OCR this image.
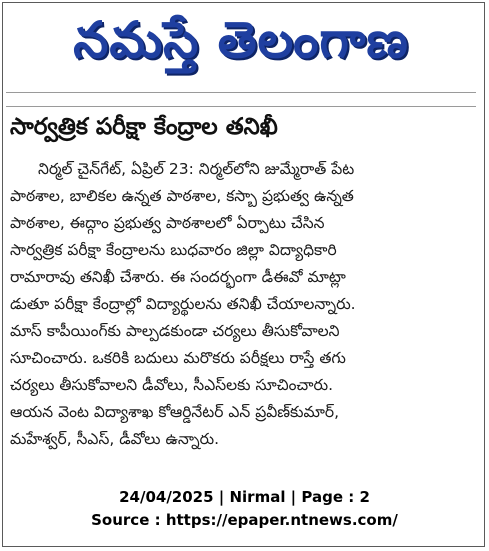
నమస్తే తెలంగాణ
సార్వత్రిక పరీక్షా కేంద్రాల తనిఖీ
నిర్మల్ చైన్‌గేట్, ఏప్రిల్ 23: నిర్మల్‌లోని జుమ్మేరాత్ పేట
పాఠశాల, బాలికల ఉన్నత పాఠశాల, కస్బా ప్రభుత్వ ఉన్నత
పాఠశాల, ఈద్గాం ప్రభుత్వ పాఠశాలలో ఏర్పాటు చేసిన
సార్వత్రిక పరీక్షా కేంద్రాలను బుధవారం జిల్లా విద్యాధికారి
రామారావు తనిఖీ చేశారు. ఈ సందర్భంగా డీఈవో మాట్లా
డుతూ పరీక్షా కేంద్రాల్లో విద్యార్థులను తనిఖీ చేయాలన్నారు.
మాస్ కాపీయింగ్‌కు పాల్పడకుండా చర్యలు తీసుకోవాలని
సూచించారు. ఒకరికి బదులు మరొకరు పరీక్షలు రాస్తే తగు
చర్యలు తీసుకోవాలని డీవోలు, సీఎస్‌లకు సూచించారు.
ఆయన వెంట విద్యాశాఖ కోఆర్డినేటర్ ఎన్ ప్రవీణ్‌కుమార్,
మహేశ్వర్, సీఎస్, డీవోలు ఉన్నారు.
24/04/2025 | Nirmal | Page : 2
Source : https://epaper.ntnews.com/
